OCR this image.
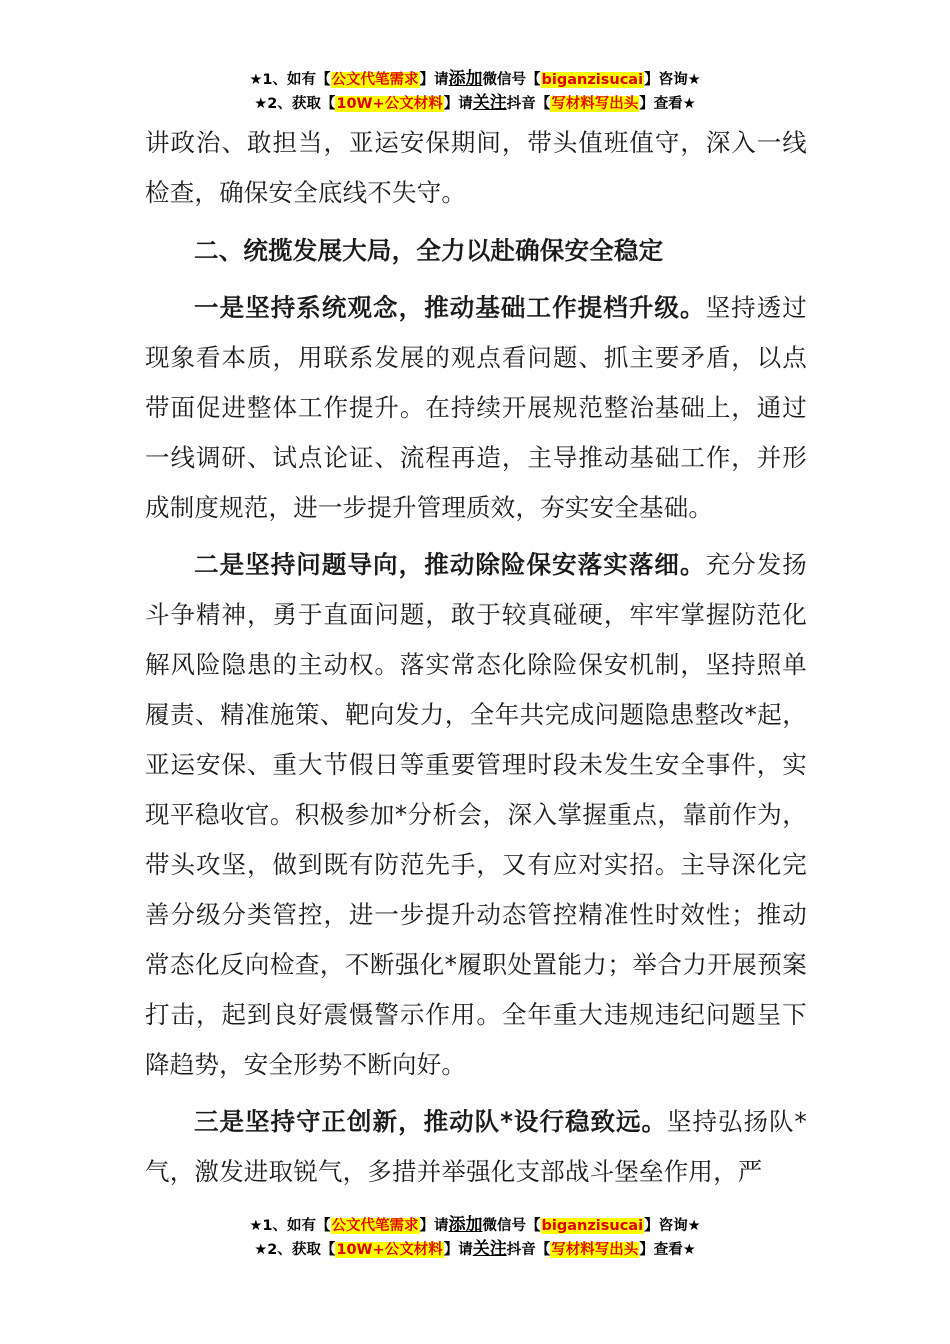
★1、如有【公文代笔需求】请添加微信号【biganzisucai】咨询★
★2、获取【10W+公文材料】请关注抖音【写材料写出头】查看★

讲政治、敢担当，亚运安保期间，带头值班值守，深入一线检查，确保安全底线不失守。

二、统揽发展大局，全力以赴确保安全稳定

一是坚持系统观念，推动基础工作提档升级。坚持透过现象看本质，用联系发展的观点看问题、抓主要矛盾，以点带面促进整体工作提升。在持续开展规范整治基础上，通过一线调研、试点论证、流程再造，主导推动基础工作，并形成制度规范，进一步提升管理质效，夯实安全基础。

二是坚持问题导向，推动除险保安落实落细。充分发扬斗争精神，勇于直面问题，敢于较真碰硬，牢牢掌握防范化解风险隐患的主动权。落实常态化除险保安机制，坚持照单履责、精准施策、靶向发力，全年共完成问题隐患整改*起，亚运安保、重大节假日等重要管理时段未发生安全事件，实现平稳收官。积极参加*分析会，深入掌握重点，靠前作为，带头攻坚，做到既有防范先手，又有应对实招。主导深化完善分级分类管控，进一步提升动态管控精准性时效性；推动常态化反向检查，不断强化*履职处置能力；举合力开展预案打击，起到良好震慑警示作用。全年重大违规违纪问题呈下降趋势，安全形势不断向好。

三是坚持守正创新，推动队*设行稳致远。坚持弘扬队*气，激发进取锐气，多措并举强化支部战斗堡垒作用，严

★1、如有【公文代笔需求】请添加微信号【biganzisucai】咨询★
★2、获取【10W+公文材料】请关注抖音【写材料写出头】查看★
